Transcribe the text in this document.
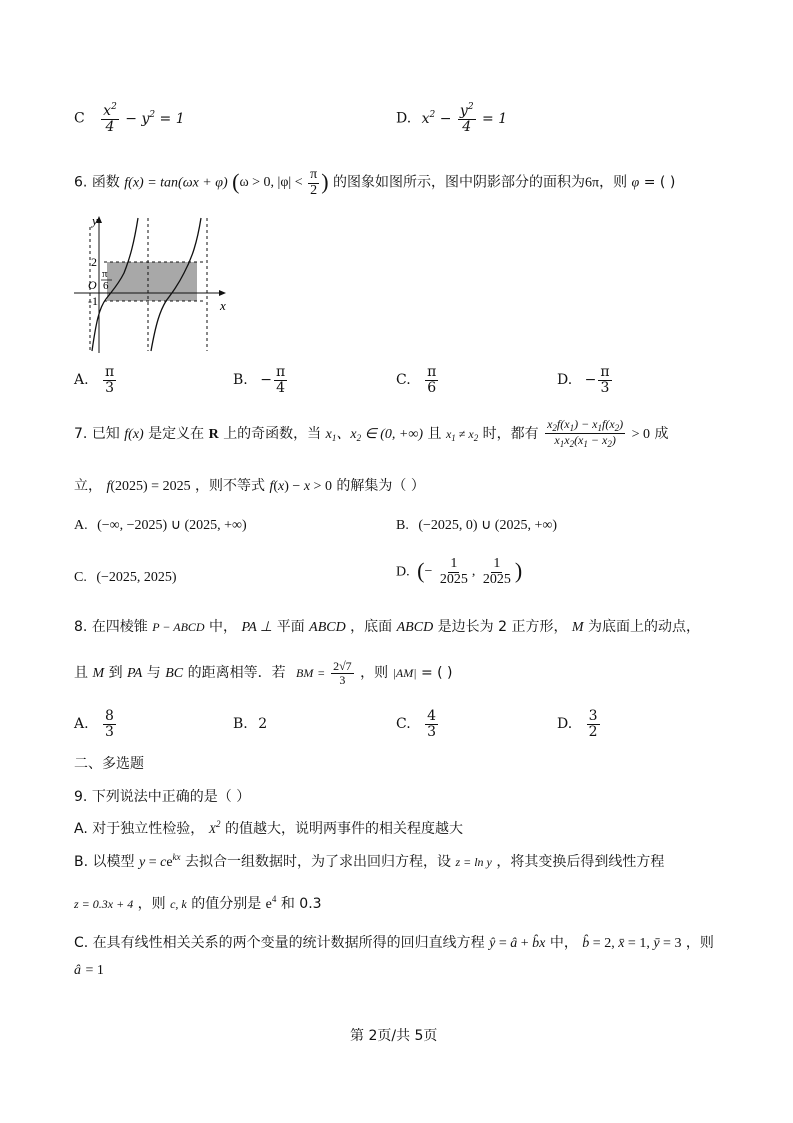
C $\frac{x^2}{4} - y^2 = 1$	D. $x^2 - \frac{y^2}{4} = 1$
6. 函数 f(x) = tan(ωx + φ) (ω > 0, $|\varphi| < \frac{\pi}{2}$ ) 的图象如图所示，图中阴影部分的面积为6π，则 φ = ( )
y
x
2
π
6
O
-1
A. $\frac{\pi}{3}$	B. − $\frac{\pi}{4}$	C. $\frac{\pi}{6}$	D. − $\frac{\pi}{3}$
7. 已知 f(x) 是定义在 R 上的奇函数，当 $x_1$、$x_2$ ∈ (0, +∞) 且 $x_1 \ne x_2$ 时，都有 $\frac{x_2f(x_1) - x_1f(x_2)}{x_1x_2(x_1 - x_2)} > 0$ 成
立， f(2025) = 2025 ，则不等式 f(x) − x > 0 的解集为（ ）
A. (−∞, −2025) ∪ (2025, +∞)	B. (−2025, 0) ∪ (2025, +∞)
C. (−2025, 2025)	D. (− $\frac{1}{2025}$ , $\frac{1}{2025}$ )
8. 在四棱锥 P − ABCD 中， PA ⊥ 平面 ABCD ，底面 ABCD 是边长为 2 正方形， M 为底面上的动点，
且 M 到 PA 与 BC 的距离相等．若 BM = $\frac{2√7}{3}$ ，则 |AM| = ( )
A. $\frac{8}{3}$	B. 2	C. $\frac{4}{3}$	D. $\frac{3}{2}$
二、多选题
9. 下列说法中正确的是（ ）
A. 对于独立性检验， $X^2$ 的值越大，说明两事件的相关程度越大
B. 以模型 $y = ce^{kx}$ 去拟合一组数据时，为了求出回归方程，设 z = ln y ，将其变换后得到线性方程
z = 0.3x + 4 ，则 c, k 的值分别是 $e^4$ 和 0.3
C. 在具有线性相关关系的两个变量的统计数据所得的回归直线方程 ŷ = â + b̂x 中， b̂ = 2, x̄ = 1, ȳ = 3 ，则
â = 1
第 2页/共 5页
